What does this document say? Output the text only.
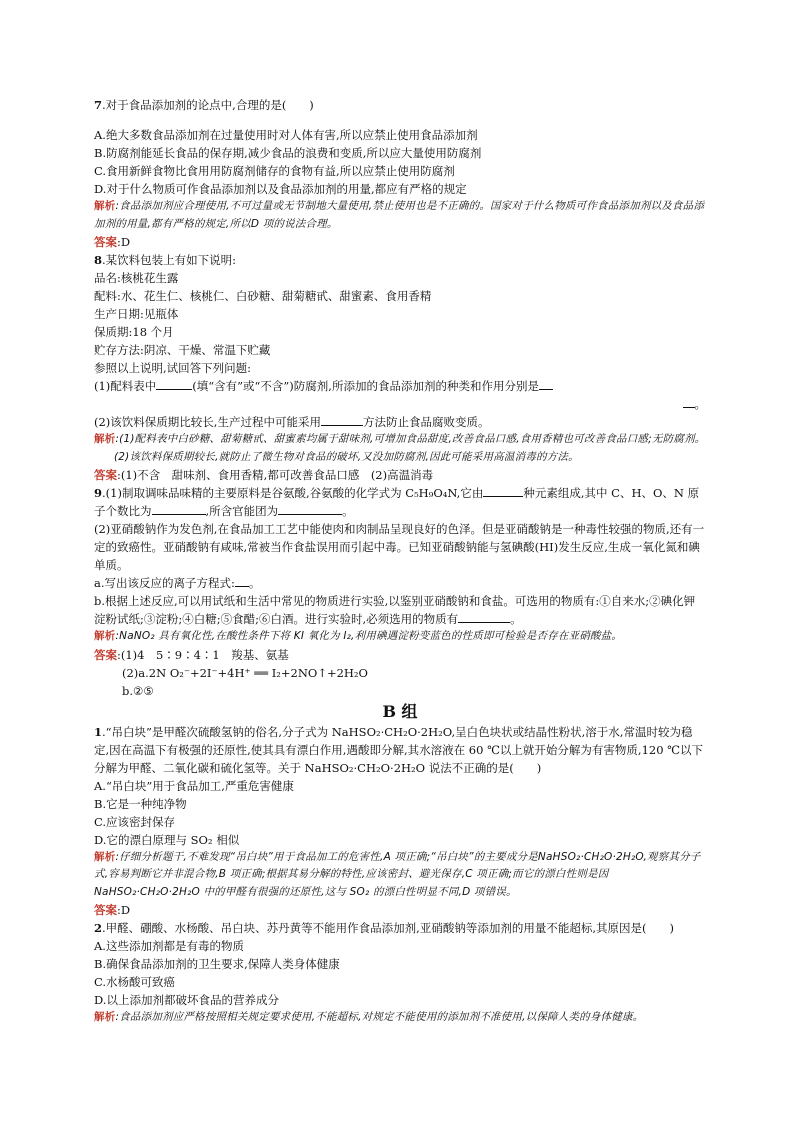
7.对于食品添加剂的论点中,合理的是(　　)

A.绝大多数食品添加剂在过量使用时对人体有害,所以应禁止使用食品添加剂

B.防腐剂能延长食品的保存期,减少食品的浪费和变质,所以应大量使用防腐剂

C.食用新鲜食物比食用用防腐剂储存的食物有益,所以应禁止使用防腐剂

D.对于什么物质可作食品添加剂以及食品添加剂的用量,都应有严格的规定

解析:食品添加剂应合理使用,不可过量或无节制地大量使用,禁止使用也是不正确的。国家对于什么物质可作食品添加剂以及食品添加剂的用量,都有严格的规定,所以D 项的说法合理。

答案:D

8.某饮料包装上有如下说明:

品名:核桃花生露

配料:水、花生仁、核桃仁、白砂糖、甜菊糖甙、甜蜜素、食用香精

生产日期:见瓶体

保质期:18 个月

贮存方法:阴凉、干燥、常温下贮藏

参照以上说明,试回答下列问题:

(1)配料表中	(填“含有”或“不含”)防腐剂,所添加的食品添加剂的种类和作用分别是

。

(2)该饮料保质期比较长,生产过程中可能采用	方法防止食品腐败变质。

解析:(1)配料表中白砂糖、甜菊糖甙、甜蜜素均属于甜味剂,可增加食品甜度,改善食品口感,食用香精也可改善食品口感;无防腐剂。

(2)该饮料保质期较长,就防止了微生物对食品的破坏,又没加防腐剂,因此可能采用高温消毒的方法。

答案:(1)不含　甜味剂、食用香精,都可改善食品口感　(2)高温消毒

9.(1)制取调味品味精的主要原料是谷氨酸,谷氨酸的化学式为 C₅H₉O₄N,它由	种元素组成,其中 C、H、O、N 原子个数比为	,所含官能团为	。

(2)亚硝酸钠作为发色剂,在食品加工工艺中能使肉和肉制品呈现良好的色泽。但是亚硝酸钠是一种毒性较强的物质,还有一定的致癌性。亚硝酸钠有咸味,常被当作食盐误用而引起中毒。已知亚硝酸钠能与氢碘酸(HI)发生反应,生成一氧化氮和碘单质。

a.写出该反应的离子方程式: 。

b.根据上述反应,可以用试纸和生活中常见的物质进行实验,以鉴别亚硝酸钠和食盐。可选用的物质有:①自来水;②碘化钾淀粉试纸;③淀粉;④白糖;⑤食醋;⑥白酒。进行实验时,必须选用的物质有	。

解析:NaNO₂ 具有氧化性,在酸性条件下将 KI 氧化为 I₂,利用碘遇淀粉变蓝色的性质即可检验是否存在亚硝酸盐。

答案:(1)4　5∶9∶4∶1　羧基、氨基

(2)a.2N O₂⁻+2I⁻+4H⁺ ══ I₂+2NO↑+2H₂O

b.②⑤

B 组

1.“吊白块”是甲醛次硫酸氢钠的俗名,分子式为 NaHSO₂·CH₂O·2H₂O,呈白色块状或结晶性粉状,溶于水,常温时较为稳定,因在高温下有极强的还原性,使其具有漂白作用,遇酸即分解,其水溶液在 60 ℃以上就开始分解为有害物质,120 ℃以下分解为甲醛、二氧化碳和硫化氢等。关于 NaHSO₂·CH₂O·2H₂O 说法不正确的是(　　)

A.“吊白块”用于食品加工,严重危害健康

B.它是一种纯净物

C.应该密封保存

D.它的漂白原理与 SO₂ 相似

解析:仔细分析题干,不难发现“吊白块”用于食品加工的危害性,A 项正确;“吊白块”的主要成分是NaHSO₂·CH₂O·2H₂O,观察其分子式,容易判断它并非混合物,B 项正确;根据其易分解的特性,应该密封、避光保存,C 项正确;而它的漂白性则是因 NaHSO₂·CH₂O·2H₂O 中的甲醛有很强的还原性,这与 SO₂ 的漂白性明显不同,D 项错误。

答案:D

2.甲醛、硼酸、水杨酸、吊白块、苏丹黄等不能用作食品添加剂,亚硝酸钠等添加剂的用量不能超标,其原因是(　　)

A.这些添加剂都是有毒的物质

B.确保食品添加剂的卫生要求,保障人类身体健康

C.水杨酸可致癌

D.以上添加剂都破坏食品的营养成分

解析:食品添加剂应严格按照相关规定要求使用,不能超标,对规定不能使用的添加剂不准使用,以保障人类的身体健康。
